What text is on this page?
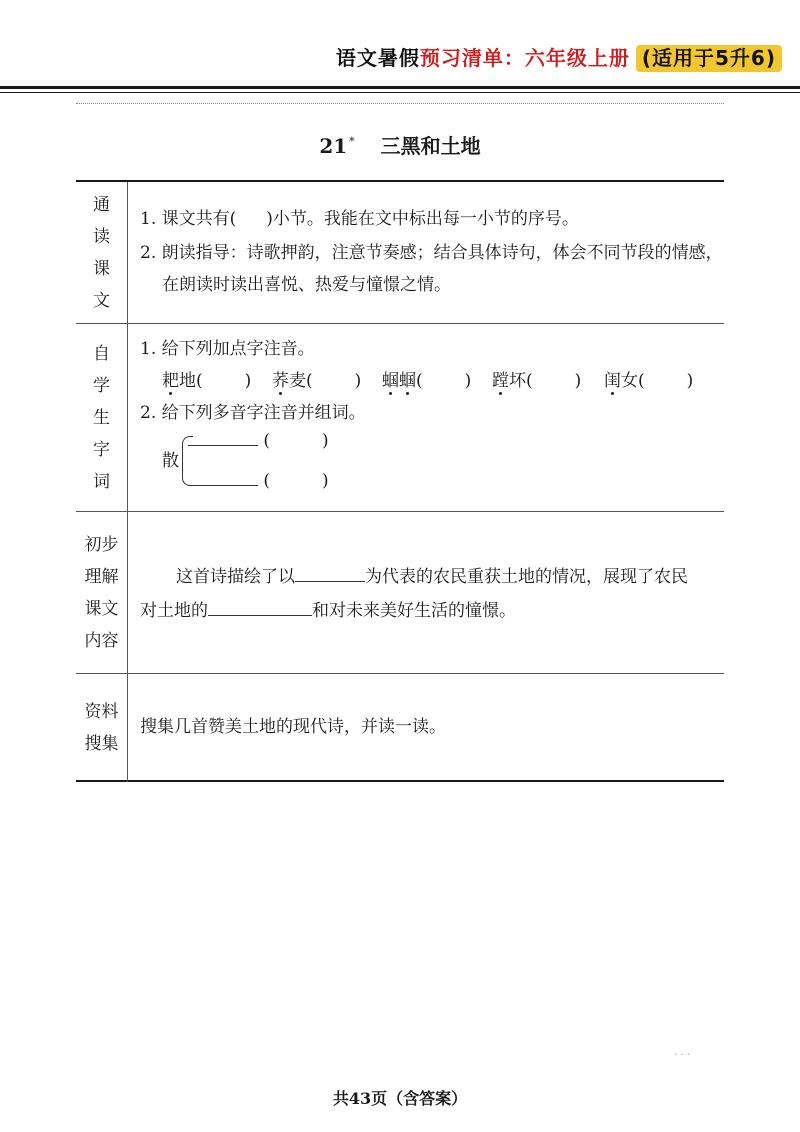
语文暑假预习清单：六年级上册 (适用于5升6)
21 * 三黑和土地
通读课文
1. 课文共有( )小节。我能在文中标出每一小节的序号。
2. 朗读指导：诗歌押韵，注意节奏感；结合具体诗句，体会不同节段的情感，
在朗读时读出喜悦、热爱与憧憬之情。
自学生字词
1. 给下列加点字注音。
耙地( ) 荞麦( ) 蝈蝈( ) 蹚坏( ) 闺女( )
2. 给下列多音字注音并组词。
散
(	)
(	)
初步理解课文内容
这首诗描绘了以	为代表的农民重获土地的情况，展现了农民
对土地的	和对未来美好生活的憧憬。
资料搜集
搜集几首赞美土地的现代诗，并读一读。
· · ·
共43页（含答案）
